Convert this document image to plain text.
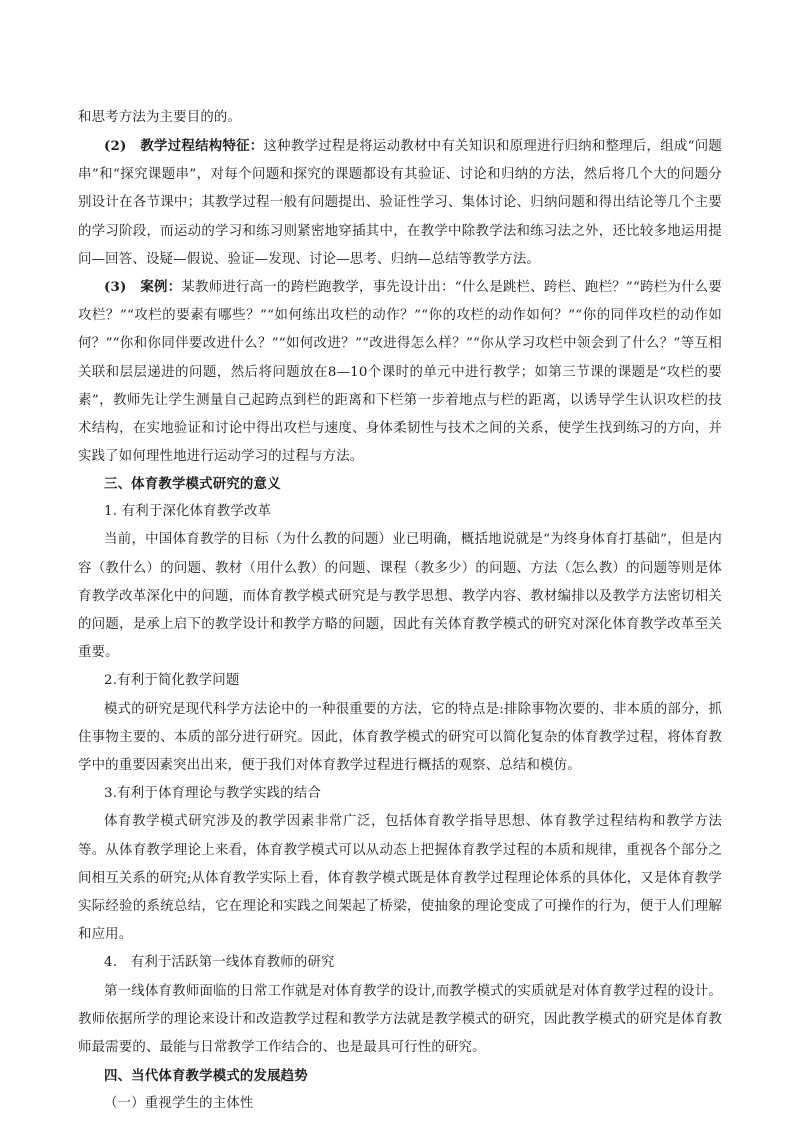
和思考方法为主要目的的。

(2)　教学过程结构特征：这种教学过程是将运动教材中有关知识和原理进行归纳和整理后，组成“问题串”和“探究课题串”，对每个问题和探究的课题都设有其验证、讨论和归纳的方法，然后将几个大的问题分别设计在各节课中；其教学过程一般有问题提出、验证性学习、集体讨论、归纳问题和得出结论等几个主要的学习阶段，而运动的学习和练习则紧密地穿插其中，在教学中除教学法和练习法之外，还比较多地运用提问—回答、设疑—假说、验证—发现、讨论—思考、归纳—总结等教学方法。

(3)　案例：某教师进行高一的跨栏跑教学，事先设计出：“什么是跳栏、跨栏、跑栏？”“跨栏为什么要攻栏？”“攻栏的要素有哪些？”“如何练出攻栏的动作？”“你的攻栏的动作如何？”“你的同伴攻栏的动作如何？”“你和你同伴要改进什么？”“如何改进？”“改进得怎么样？”“你从学习攻栏中领会到了什么？”等互相关联和层层递进的问题，然后将问题放在8—10个课时的单元中进行教学；如第三节课的课题是“攻栏的要素”，教师先让学生测量自己起跨点到栏的距离和下栏第一步着地点与栏的距离，以诱导学生认识攻栏的技术结构，在实地验证和讨论中得出攻栏与速度、身体柔韧性与技术之间的关系，使学生找到练习的方向，并实践了如何理性地进行运动学习的过程与方法。

三、体育教学模式研究的意义

1. 有利于深化体育教学改革

当前，中国体育教学的目标（为什么教的问题）业已明确，概括地说就是“为终身体育打基础”，但是内容（教什么）的问题、教材（用什么教）的问题、课程（教多少）的问题、方法（怎么教）的问题等则是体育教学改革深化中的问题，而体育教学模式研究是与教学思想、教学内容、教材编排以及教学方法密切相关的问题，是承上启下的教学设计和教学方略的问题，因此有关体育教学模式的研究对深化体育教学改革至关重要。

2.有利于简化教学问题

模式的研究是现代科学方法论中的一种很重要的方法，它的特点是:排除事物次要的、非本质的部分，抓住事物主要的、本质的部分进行研究。因此，体育教学模式的研究可以简化复杂的体育教学过程，将体育教学中的重要因素突出出来，便于我们对体育教学过程进行概括的观察、总结和模仿。

3.有利于体育理论与教学实践的结合

体育教学模式研究涉及的教学因素非常广泛，包括体育教学指导思想、体育教学过程结构和教学方法等。从体育教学理论上来看，体育教学模式可以从动态上把握体育教学过程的本质和规律，重视各个部分之间相互关系的研究;从体育教学实际上看，体育教学模式既是体育教学过程理论体系的具体化，又是体育教学实际经验的系统总结，它在理论和实践之间架起了桥梁，使抽象的理论变成了可操作的行为，便于人们理解和应用。

4.　有利于活跃第一线体育教师的研究

第一线体育教师面临的日常工作就是对体育教学的设计,而教学模式的实质就是对体育教学过程的设计。教师依据所学的理论来设计和改造教学过程和教学方法就是教学模式的研究，因此教学模式的研究是体育教师最需要的、最能与日常教学工作结合的、也是最具可行性的研究。

四、当代体育教学模式的发展趋势

（一）重视学生的主体性
